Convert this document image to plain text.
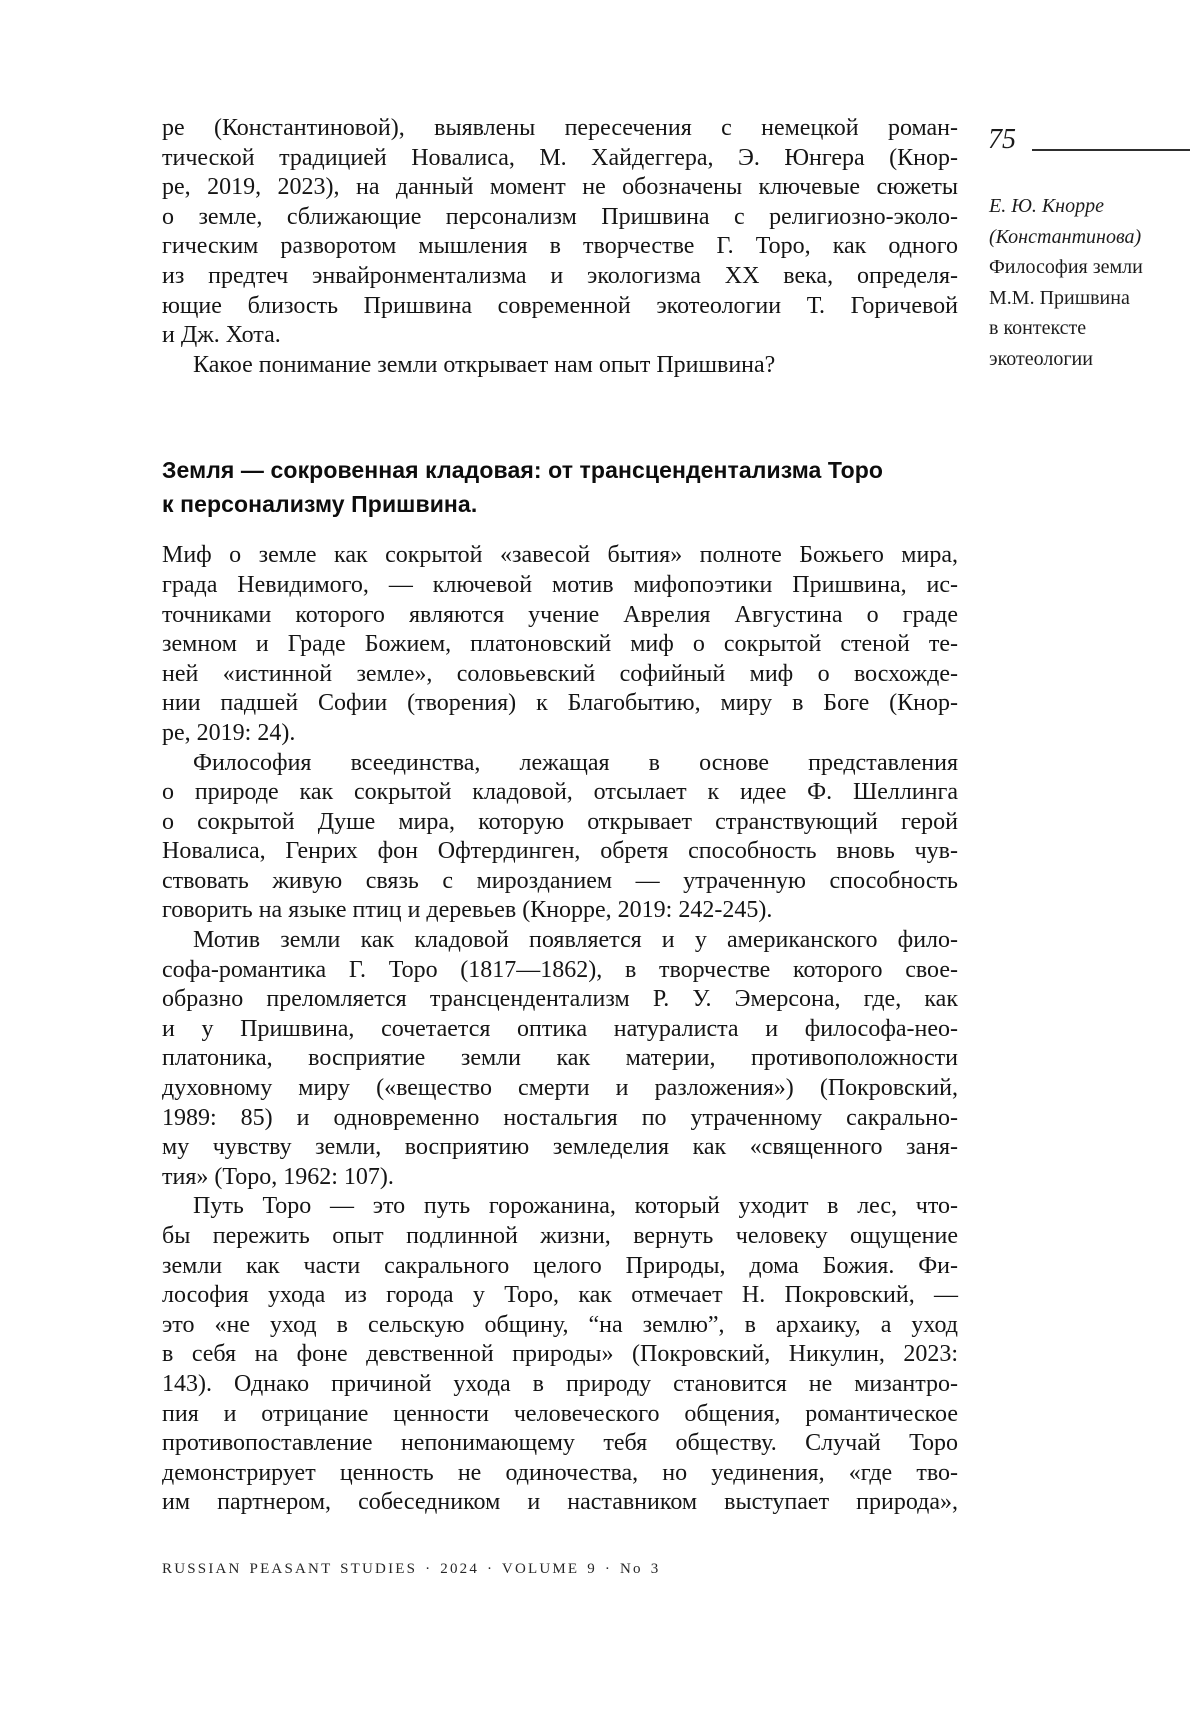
ре (Константиновой), выявлены пересечения с немецкой роман-
тической традицией Новалиса, М. Хайдеггера, Э. Юнгера (Кнор-
ре, 2019, 2023), на данный момент не обозначены ключевые сюжеты
о земле, сближающие персонализм Пришвина с религиозно-эколо-
гическим разворотом мышления в творчестве Г. Торо, как одного
из предтеч энвайронментализма и экологизма XX века, определя-
ющие близость Пришвина современной экотеологии Т. Горичевой
и Дж. Хота.
Какое понимание земли открывает нам опыт Пришвина?
Земля — сокровенная кладовая: от трансцендентализма Торо
к персонализму Пришвина.
Миф о земле как сокрытой «завесой бытия» полноте Божьего мира,
града Невидимого, — ключевой мотив мифопоэтики Пришвина, ис-
точниками которого являются учение Аврелия Августина о граде
земном и Граде Божием, платоновский миф о сокрытой стеной те-
ней «истинной земле», соловьевский софийный миф о восхожде-
нии падшей Софии (творения) к Благобытию, миру в Боге (Кнор-
ре, 2019: 24).
Философия всеединства, лежащая в основе представления
о природе как сокрытой кладовой, отсылает к идее Ф. Шеллинга
о сокрытой Душе мира, которую открывает странствующий герой
Новалиса, Генрих фон Офтердинген, обретя способность вновь чув-
ствовать живую связь с мирозданием — утраченную способность
говорить на языке птиц и деревьев (Кнорре, 2019: 242-245).
Мотив земли как кладовой появляется и у американского фило-
софа-романтика Г. Торо (1817—1862), в творчестве которого свое-
образно преломляется трансцендентализм Р. У. Эмерсона, где, как
и у Пришвина, сочетается оптика натуралиста и философа-нео-
платоника, восприятие земли как материи, противоположности
духовному миру («вещество смерти и разложения») (Покровский,
1989: 85) и одновременно ностальгия по утраченному сакрально-
му чувству земли, восприятию земледелия как «священного заня-
тия» (Торо, 1962: 107).
Путь Торо — это путь горожанина, который уходит в лес, что-
бы пережить опыт подлинной жизни, вернуть человеку ощущение
земли как части сакрального целого Природы, дома Божия. Фи-
лософия ухода из города у Торо, как отмечает Н. Покровский, —
это «не уход в сельскую общину, “на землю”, в архаику, а уход
в себя на фоне девственной природы» (Покровский, Никулин, 2023:
143). Однако причиной ухода в природу становится не мизантро-
пия и отрицание ценности человеческого общения, романтическое
противопоставление непонимающему тебя обществу. Случай Торо
демонстрирует ценность не одиночества, но уединения, «где тво-
им партнером, собеседником и наставником выступает природа»,
75
Е. Ю. Кнорре
(Константинова)
Философия земли
М.М. Пришвина
в контексте
экотеологии
RUSSIAN PEASANT STUDIES · 2024 · VOLUME 9 · No 3
